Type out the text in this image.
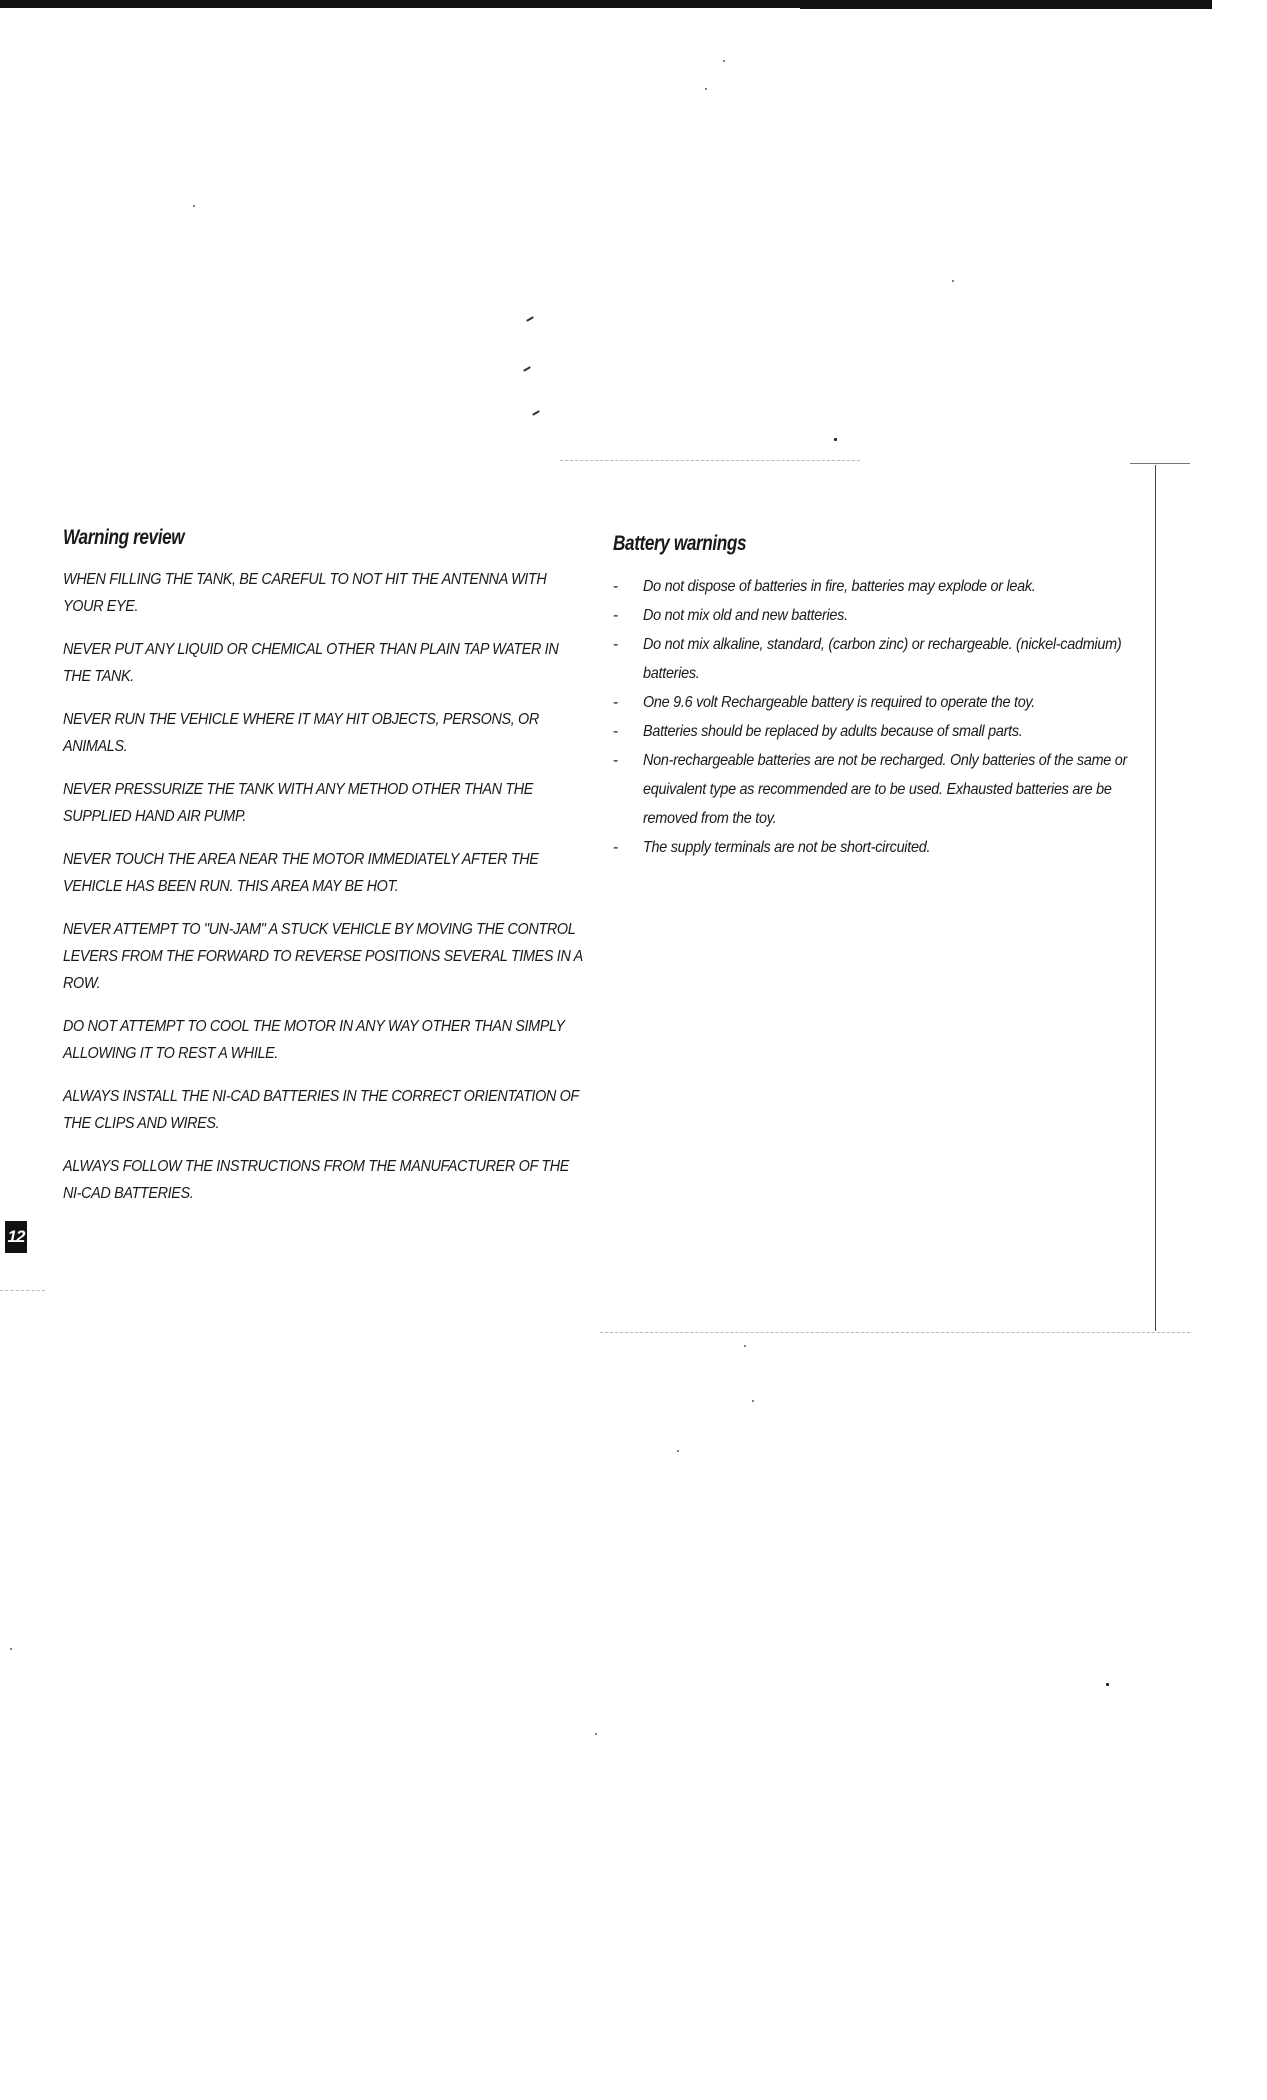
Warning review

WHEN FILLING THE TANK, BE CAREFUL TO NOT HIT THE ANTENNA WITH YOUR EYE.

NEVER PUT ANY LIQUID OR CHEMICAL OTHER THAN PLAIN TAP WATER IN THE TANK.

NEVER RUN THE VEHICLE WHERE IT MAY HIT OBJECTS, PERSONS, OR ANIMALS.

NEVER PRESSURIZE THE TANK WITH ANY METHOD OTHER THAN THE SUPPLIED HAND AIR PUMP.

NEVER TOUCH THE AREA NEAR THE MOTOR IMMEDIATELY AFTER THE VEHICLE HAS BEEN RUN. THIS AREA MAY BE HOT.

NEVER ATTEMPT TO "UN-JAM" A STUCK VEHICLE BY MOVING THE CONTROL LEVERS FROM THE FORWARD TO REVERSE POSITIONS SEVERAL TIMES IN A ROW.

DO NOT ATTEMPT TO COOL THE MOTOR IN ANY WAY OTHER THAN SIMPLY ALLOWING IT TO REST A WHILE.

ALWAYS INSTALL THE NI-CAD BATTERIES IN THE CORRECT ORIENTATION OF THE CLIPS AND WIRES.

ALWAYS FOLLOW THE INSTRUCTIONS FROM THE MANUFACTURER OF THE NI-CAD BATTERIES.

Battery warnings
- Do not dispose of batteries in fire, batteries may explode or leak.
- Do not mix old and new batteries.
- Do not mix alkaline, standard, (carbon zinc) or rechargeable. (nickel-cadmium) batteries.
- One 9.6 volt Rechargeable battery is required to operate the toy.
- Batteries should be replaced by adults because of small parts.
- Non-rechargeable batteries are not be recharged. Only batteries of the same or equivalent type as recommended are to be used. Exhausted batteries are be removed from the toy.
- The supply terminals are not be short-circuited.
12
